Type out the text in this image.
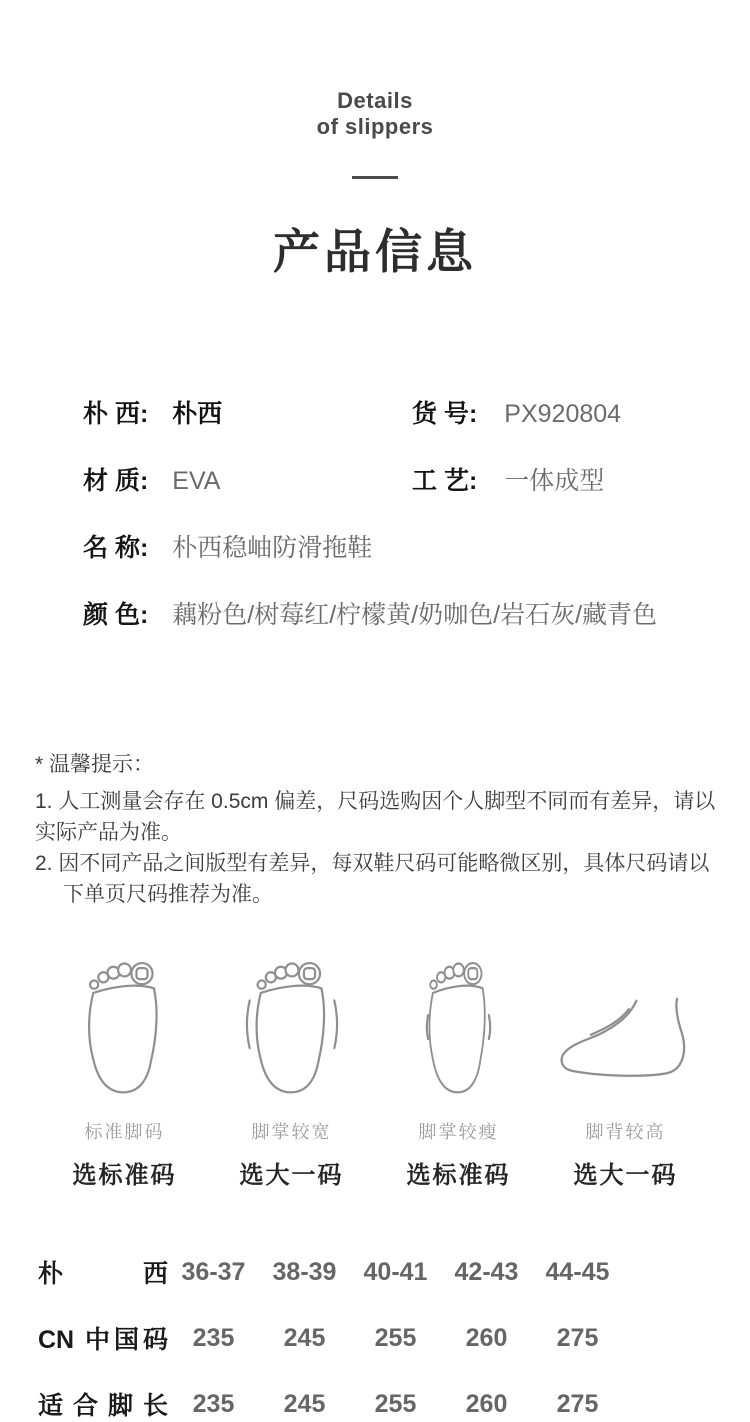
Details
of slippers
产品信息
朴 西: 朴西	货 号: PX920804
材 质: EVA	工 艺: 一体成型
名 称: 朴西稳岫防滑拖鞋
颜 色: 藕粉色/树莓红/柠檬黄/奶咖色/岩石灰/藏青色
* 温馨提示：
1. 人工测量会存在 0.5cm 偏差，尺码选购因个人脚型不同而有差异，请以实际产品为准。
2. 因不同产品之间版型有差异，每双鞋尺码可能略微区别，具体尺码请以下单页尺码推荐为准。
标准脚码
选标准码
脚掌较宽
选大一码
脚掌较瘦
选标准码
脚背较高
选大一码
朴 西 36-37	38-39	40-41	42-43	44-45
CN 中国码 235	245	255	260	275
适 合 脚 长 235	245	255	260	275
